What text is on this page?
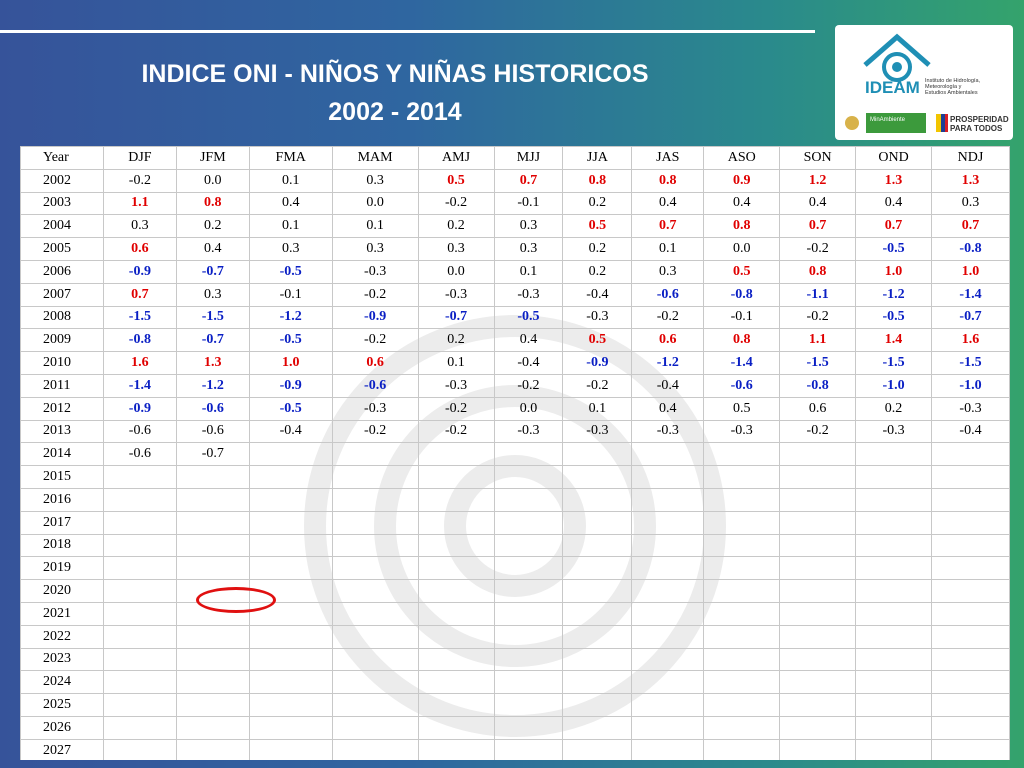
INDICE ONI - NIÑOS Y NIÑAS HISTORICOS
2002 - 2014
IDEAM Instituto de Hidrología,
Meteorología y
Estudios Ambientales
MinAmbiente	PROSPERIDAD
PARA TODOS
Year	DJF	JFM	FMA	MAM	AMJ	MJJ	JJA	JAS	ASO	SON	OND	NDJ
2002	-0.2	0.0	0.1	0.3	0.5	0.7	0.8	0.8	0.9	1.2	1.3	1.3
2003	1.1	0.8	0.4	0.0	-0.2	-0.1	0.2	0.4	0.4	0.4	0.4	0.3
2004	0.3	0.2	0.1	0.1	0.2	0.3	0.5	0.7	0.8	0.7	0.7	0.7
2005	0.6	0.4	0.3	0.3	0.3	0.3	0.2	0.1	0.0	-0.2	-0.5	-0.8
2006	-0.9	-0.7	-0.5	-0.3	0.0	0.1	0.2	0.3	0.5	0.8	1.0	1.0
2007	0.7	0.3	-0.1	-0.2	-0.3	-0.3	-0.4	-0.6	-0.8	-1.1	-1.2	-1.4
2008	-1.5	-1.5	-1.2	-0.9	-0.7	-0.5	-0.3	-0.2	-0.1	-0.2	-0.5	-0.7
2009	-0.8	-0.7	-0.5	-0.2	0.2	0.4	0.5	0.6	0.8	1.1	1.4	1.6
2010	1.6	1.3	1.0	0.6	0.1	-0.4	-0.9	-1.2	-1.4	-1.5	-1.5	-1.5
2011	-1.4	-1.2	-0.9	-0.6	-0.3	-0.2	-0.2	-0.4	-0.6	-0.8	-1.0	-1.0
2012	-0.9	-0.6	-0.5	-0.3	-0.2	0.0	0.1	0.4	0.5	0.6	0.2	-0.3
2013	-0.6	-0.6	-0.4	-0.2	-0.2	-0.3	-0.3	-0.3	-0.3	-0.2	-0.3	-0.4
2014	-0.6	-0.7										
2015												
2016												
2017												
2018												
2019												
2020												
2021												
2022												
2023												
2024												
2025												
2026												
2027												
